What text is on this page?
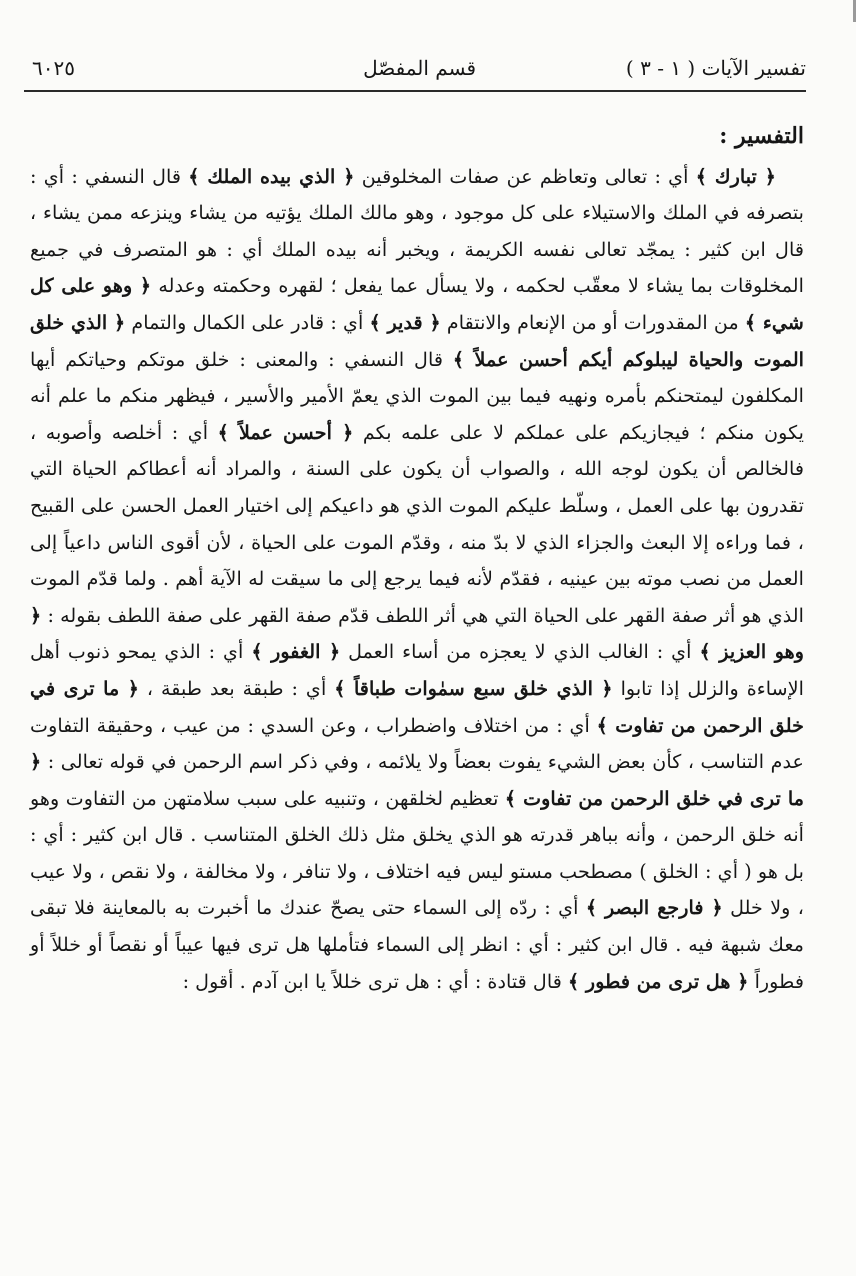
تفسير الآيات ( ١ - ٣ )
قسم المفصّل
٦٠٢٥
التفسير :

﴿ تبارك ﴾ أي : تعالى وتعاظم عن صفات المخلوقين ﴿ الذي بيده الملك ﴾ قال النسفي : أي : بتصرفه في الملك والاستيلاء على كل موجود ، وهو مالك الملك يؤتيه من يشاء وينزعه ممن يشاء ، قال ابن كثير : يمجّد تعالى نفسه الكريمة ، ويخبر أنه بيده الملك أي : هو المتصرف في جميع المخلوقات بما يشاء لا معقّب لحكمه ، ولا يسأل عما يفعل ؛ لقهره وحكمته وعدله ﴿ وهو على كل شيء ﴾ من المقدورات أو من الإنعام والانتقام ﴿ قدير ﴾ أي : قادر على الكمال والتمام ﴿ الذي خلق الموت والحياة ليبلوكم أيكم أحسن عملاً ﴾ قال النسفي : والمعنى : خلق موتكم وحياتكم أيها المكلفون ليمتحنكم بأمره ونهيه فيما بين الموت الذي يعمّ الأمير والأسير ، فيظهر منكم ما علم أنه يكون منكم ؛ فيجازيكم على عملكم لا على علمه بكم ﴿ أحسن عملاً ﴾ أي : أخلصه وأصوبه ، فالخالص أن يكون لوجه الله ، والصواب أن يكون على السنة ، والمراد أنه أعطاكم الحياة التي تقدرون بها على العمل ، وسلّط عليكم الموت الذي هو داعيكم إلى اختيار العمل الحسن على القبيح ، فما وراءه إلا البعث والجزاء الذي لا بدّ منه ، وقدّم الموت على الحياة ، لأن أقوى الناس داعياً إلى العمل من نصب موته بين عينيه ، فقدّم لأنه فيما يرجع إلى ما سيقت له الآية أهم . ولما قدّم الموت الذي هو أثر صفة القهر على الحياة التي هي أثر اللطف قدّم صفة القهر على صفة اللطف بقوله : ﴿ وهو العزيز ﴾ أي : الغالب الذي لا يعجزه من أساء العمل ﴿ الغفور ﴾ أي : الذي يمحو ذنوب أهل الإساءة والزلل إذا تابوا ﴿ الذي خلق سبع سمٰوات طباقاً ﴾ أي : طبقة بعد طبقة ، ﴿ ما ترى في خلق الرحمن من تفاوت ﴾ أي : من اختلاف واضطراب ، وعن السدي : من عيب ، وحقيقة التفاوت عدم التناسب ، كأن بعض الشيء يفوت بعضاً ولا يلائمه ، وفي ذكر اسم الرحمن في قوله تعالى : ﴿ ما ترى في خلق الرحمن من تفاوت ﴾ تعظيم لخلقهن ، وتنبيه على سبب سلامتهن من التفاوت وهو أنه خلق الرحمن ، وأنه بباهر قدرته هو الذي يخلق مثل ذلك الخلق المتناسب . قال ابن كثير : أي : بل هو ( أي : الخلق ) مصطحب مستو ليس فيه اختلاف ، ولا تنافر ، ولا مخالفة ، ولا نقص ، ولا عيب ، ولا خلل ﴿ فارجع البصر ﴾ أي : ردّه إلى السماء حتى يصحّ عندك ما أخبرت به بالمعاينة فلا تبقى معك شبهة فيه . قال ابن كثير : أي : انظر إلى السماء فتأملها هل ترى فيها عيباً أو نقصاً أو خللاً أو فطوراً ﴿ هل ترى من فطور ﴾ قال قتادة : أي : هل ترى خللاً يا ابن آدم . أقول :
